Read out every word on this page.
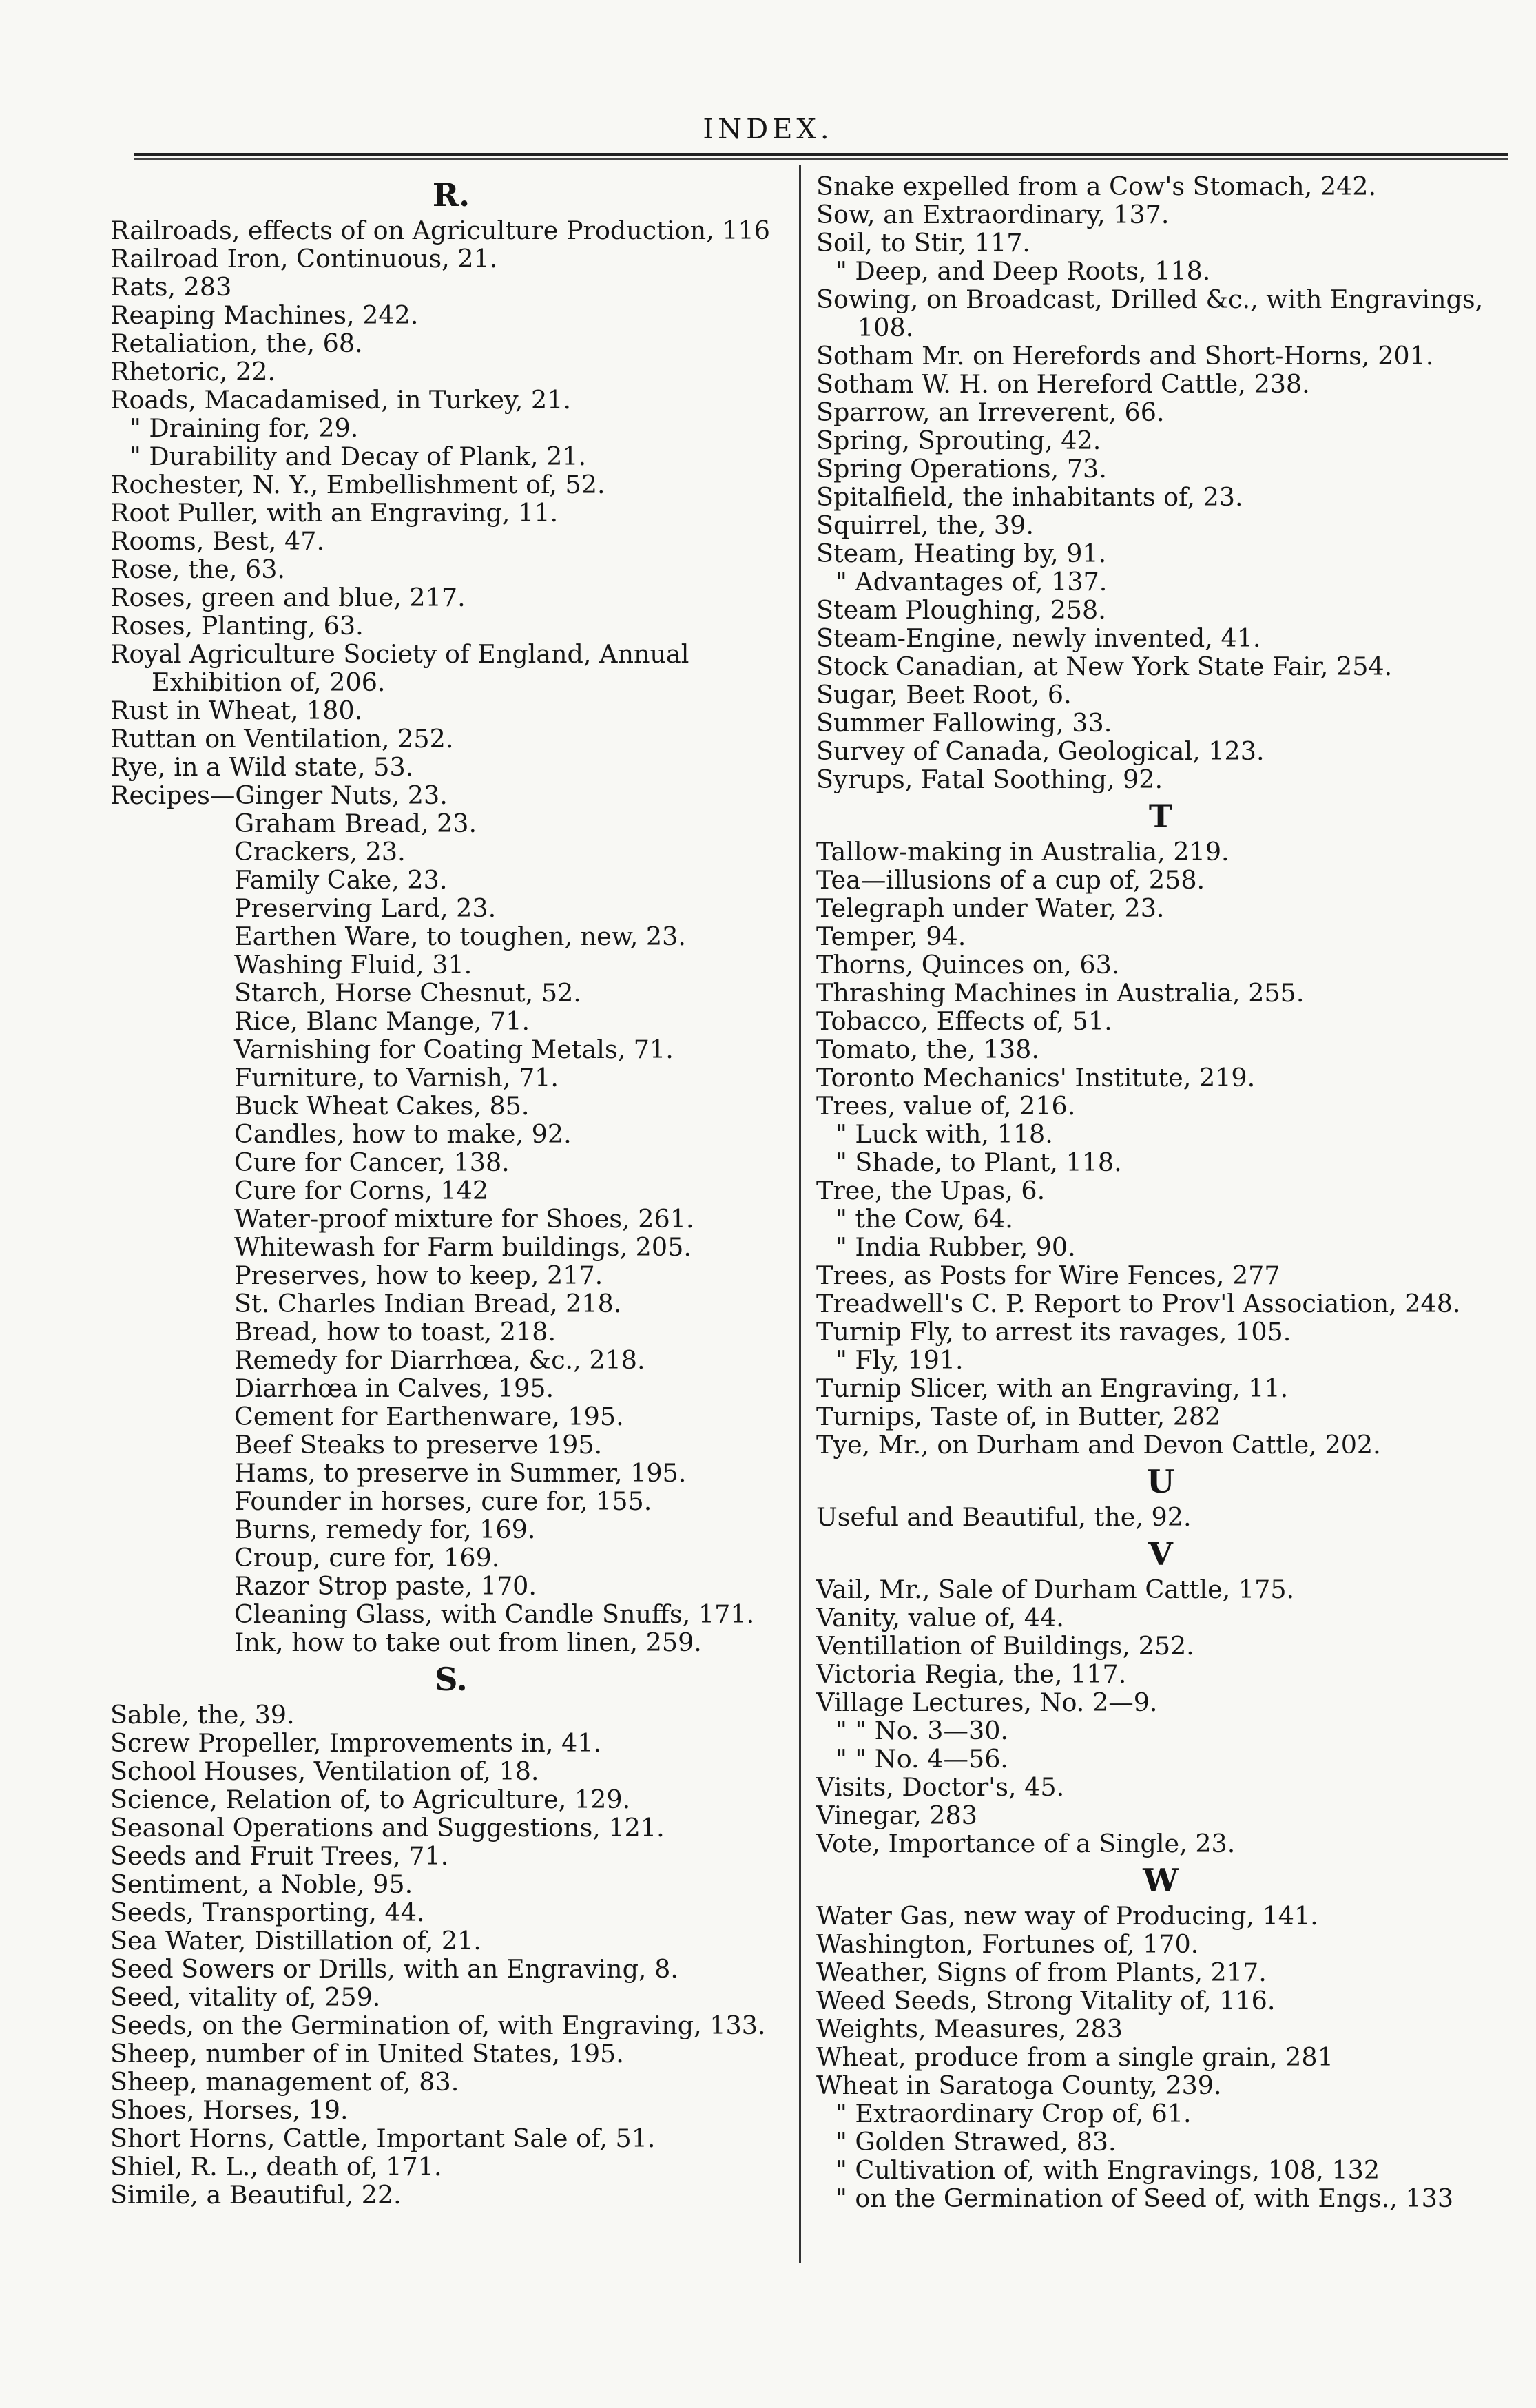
INDEX.
R.
Railroads, effects of on Agriculture Production, 116
Railroad Iron, Continuous, 21.
Rats, 283
Reaping Machines, 242.
Retaliation, the, 68.
Rhetoric, 22.
Roads, Macadamised, in Turkey, 21.
" Draining for, 29.
" Durability and Decay of Plank, 21.
Rochester, N. Y., Embellishment of, 52.
Root Puller, with an Engraving, 11.
Rooms, Best, 47.
Rose, the, 63.
Roses, green and blue, 217.
Roses, Planting, 63.
Royal Agriculture Society of England, Annual Exhibition of, 206.
Rust in Wheat, 180.
Ruttan on Ventilation, 252.
Rye, in a Wild state, 53.
Recipes—Ginger Nuts, 23.
Graham Bread, 23.
Crackers, 23.
Family Cake, 23.
Preserving Lard, 23.
Earthen Ware, to toughen, new, 23.
Washing Fluid, 31.
Starch, Horse Chesnut, 52.
Rice, Blanc Mange, 71.
Varnishing for Coating Metals, 71.
Furniture, to Varnish, 71.
Buck Wheat Cakes, 85.
Candles, how to make, 92.
Cure for Cancer, 138.
Cure for Corns, 142
Water-proof mixture for Shoes, 261.
Whitewash for Farm buildings, 205.
Preserves, how to keep, 217.
St. Charles Indian Bread, 218.
Bread, how to toast, 218.
Remedy for Diarrhœa, &c., 218.
Diarrhœa in Calves, 195.
Cement for Earthenware, 195.
Beef Steaks to preserve 195.
Hams, to preserve in Summer, 195.
Founder in horses, cure for, 155.
Burns, remedy for, 169.
Croup, cure for, 169.
Razor Strop paste, 170.
Cleaning Glass, with Candle Snuffs, 171.
Ink, how to take out from linen, 259.
S.
Sable, the, 39.
Screw Propeller, Improvements in, 41.
School Houses, Ventilation of, 18.
Science, Relation of, to Agriculture, 129.
Seasonal Operations and Suggestions, 121.
Seeds and Fruit Trees, 71.
Sentiment, a Noble, 95.
Seeds, Transporting, 44.
Sea Water, Distillation of, 21.
Seed Sowers or Drills, with an Engraving, 8.
Seed, vitality of, 259.
Seeds, on the Germination of, with Engraving, 133.
Sheep, number of in United States, 195.
Sheep, management of, 83.
Shoes, Horses, 19.
Short Horns, Cattle, Important Sale of, 51.
Shiel, R. L., death of, 171.
Simile, a Beautiful, 22.
Snake expelled from a Cow's Stomach, 242.
Sow, an Extraordinary, 137.
Soil, to Stir, 117.
" Deep, and Deep Roots, 118.
Sowing, on Broadcast, Drilled &c., with Engravings, 108.
Sotham Mr. on Herefords and Short-Horns, 201.
Sotham W. H. on Hereford Cattle, 238.
Sparrow, an Irreverent, 66.
Spring, Sprouting, 42.
Spring Operations, 73.
Spitalfield, the inhabitants of, 23.
Squirrel, the, 39.
Steam, Heating by, 91.
" Advantages of, 137.
Steam Ploughing, 258.
Steam-Engine, newly invented, 41.
Stock Canadian, at New York State Fair, 254.
Sugar, Beet Root, 6.
Summer Fallowing, 33.
Survey of Canada, Geological, 123.
Syrups, Fatal Soothing, 92.
T
Tallow-making in Australia, 219.
Tea—illusions of a cup of, 258.
Telegraph under Water, 23.
Temper, 94.
Thorns, Quinces on, 63.
Thrashing Machines in Australia, 255.
Tobacco, Effects of, 51.
Tomato, the, 138.
Toronto Mechanics' Institute, 219.
Trees, value of, 216.
" Luck with, 118.
" Shade, to Plant, 118.
Tree, the Upas, 6.
" the Cow, 64.
" India Rubber, 90.
Trees, as Posts for Wire Fences, 277
Treadwell's C. P. Report to Prov'l Association, 248.
Turnip Fly, to arrest its ravages, 105.
" Fly, 191.
Turnip Slicer, with an Engraving, 11.
Turnips, Taste of, in Butter, 282
Tye, Mr., on Durham and Devon Cattle, 202.
U
Useful and Beautiful, the, 92.
V
Vail, Mr., Sale of Durham Cattle, 175.
Vanity, value of, 44.
Ventillation of Buildings, 252.
Victoria Regia, the, 117.
Village Lectures, No. 2—9.
" " No. 3—30.
" " No. 4—56.
Visits, Doctor's, 45.
Vinegar, 283
Vote, Importance of a Single, 23.
W
Water Gas, new way of Producing, 141.
Washington, Fortunes of, 170.
Weather, Signs of from Plants, 217.
Weed Seeds, Strong Vitality of, 116.
Weights, Measures, 283
Wheat, produce from a single grain, 281
Wheat in Saratoga County, 239.
" Extraordinary Crop of, 61.
" Golden Strawed, 83.
" Cultivation of, with Engravings, 108, 132
" on the Germination of Seed of, with Engs., 133
